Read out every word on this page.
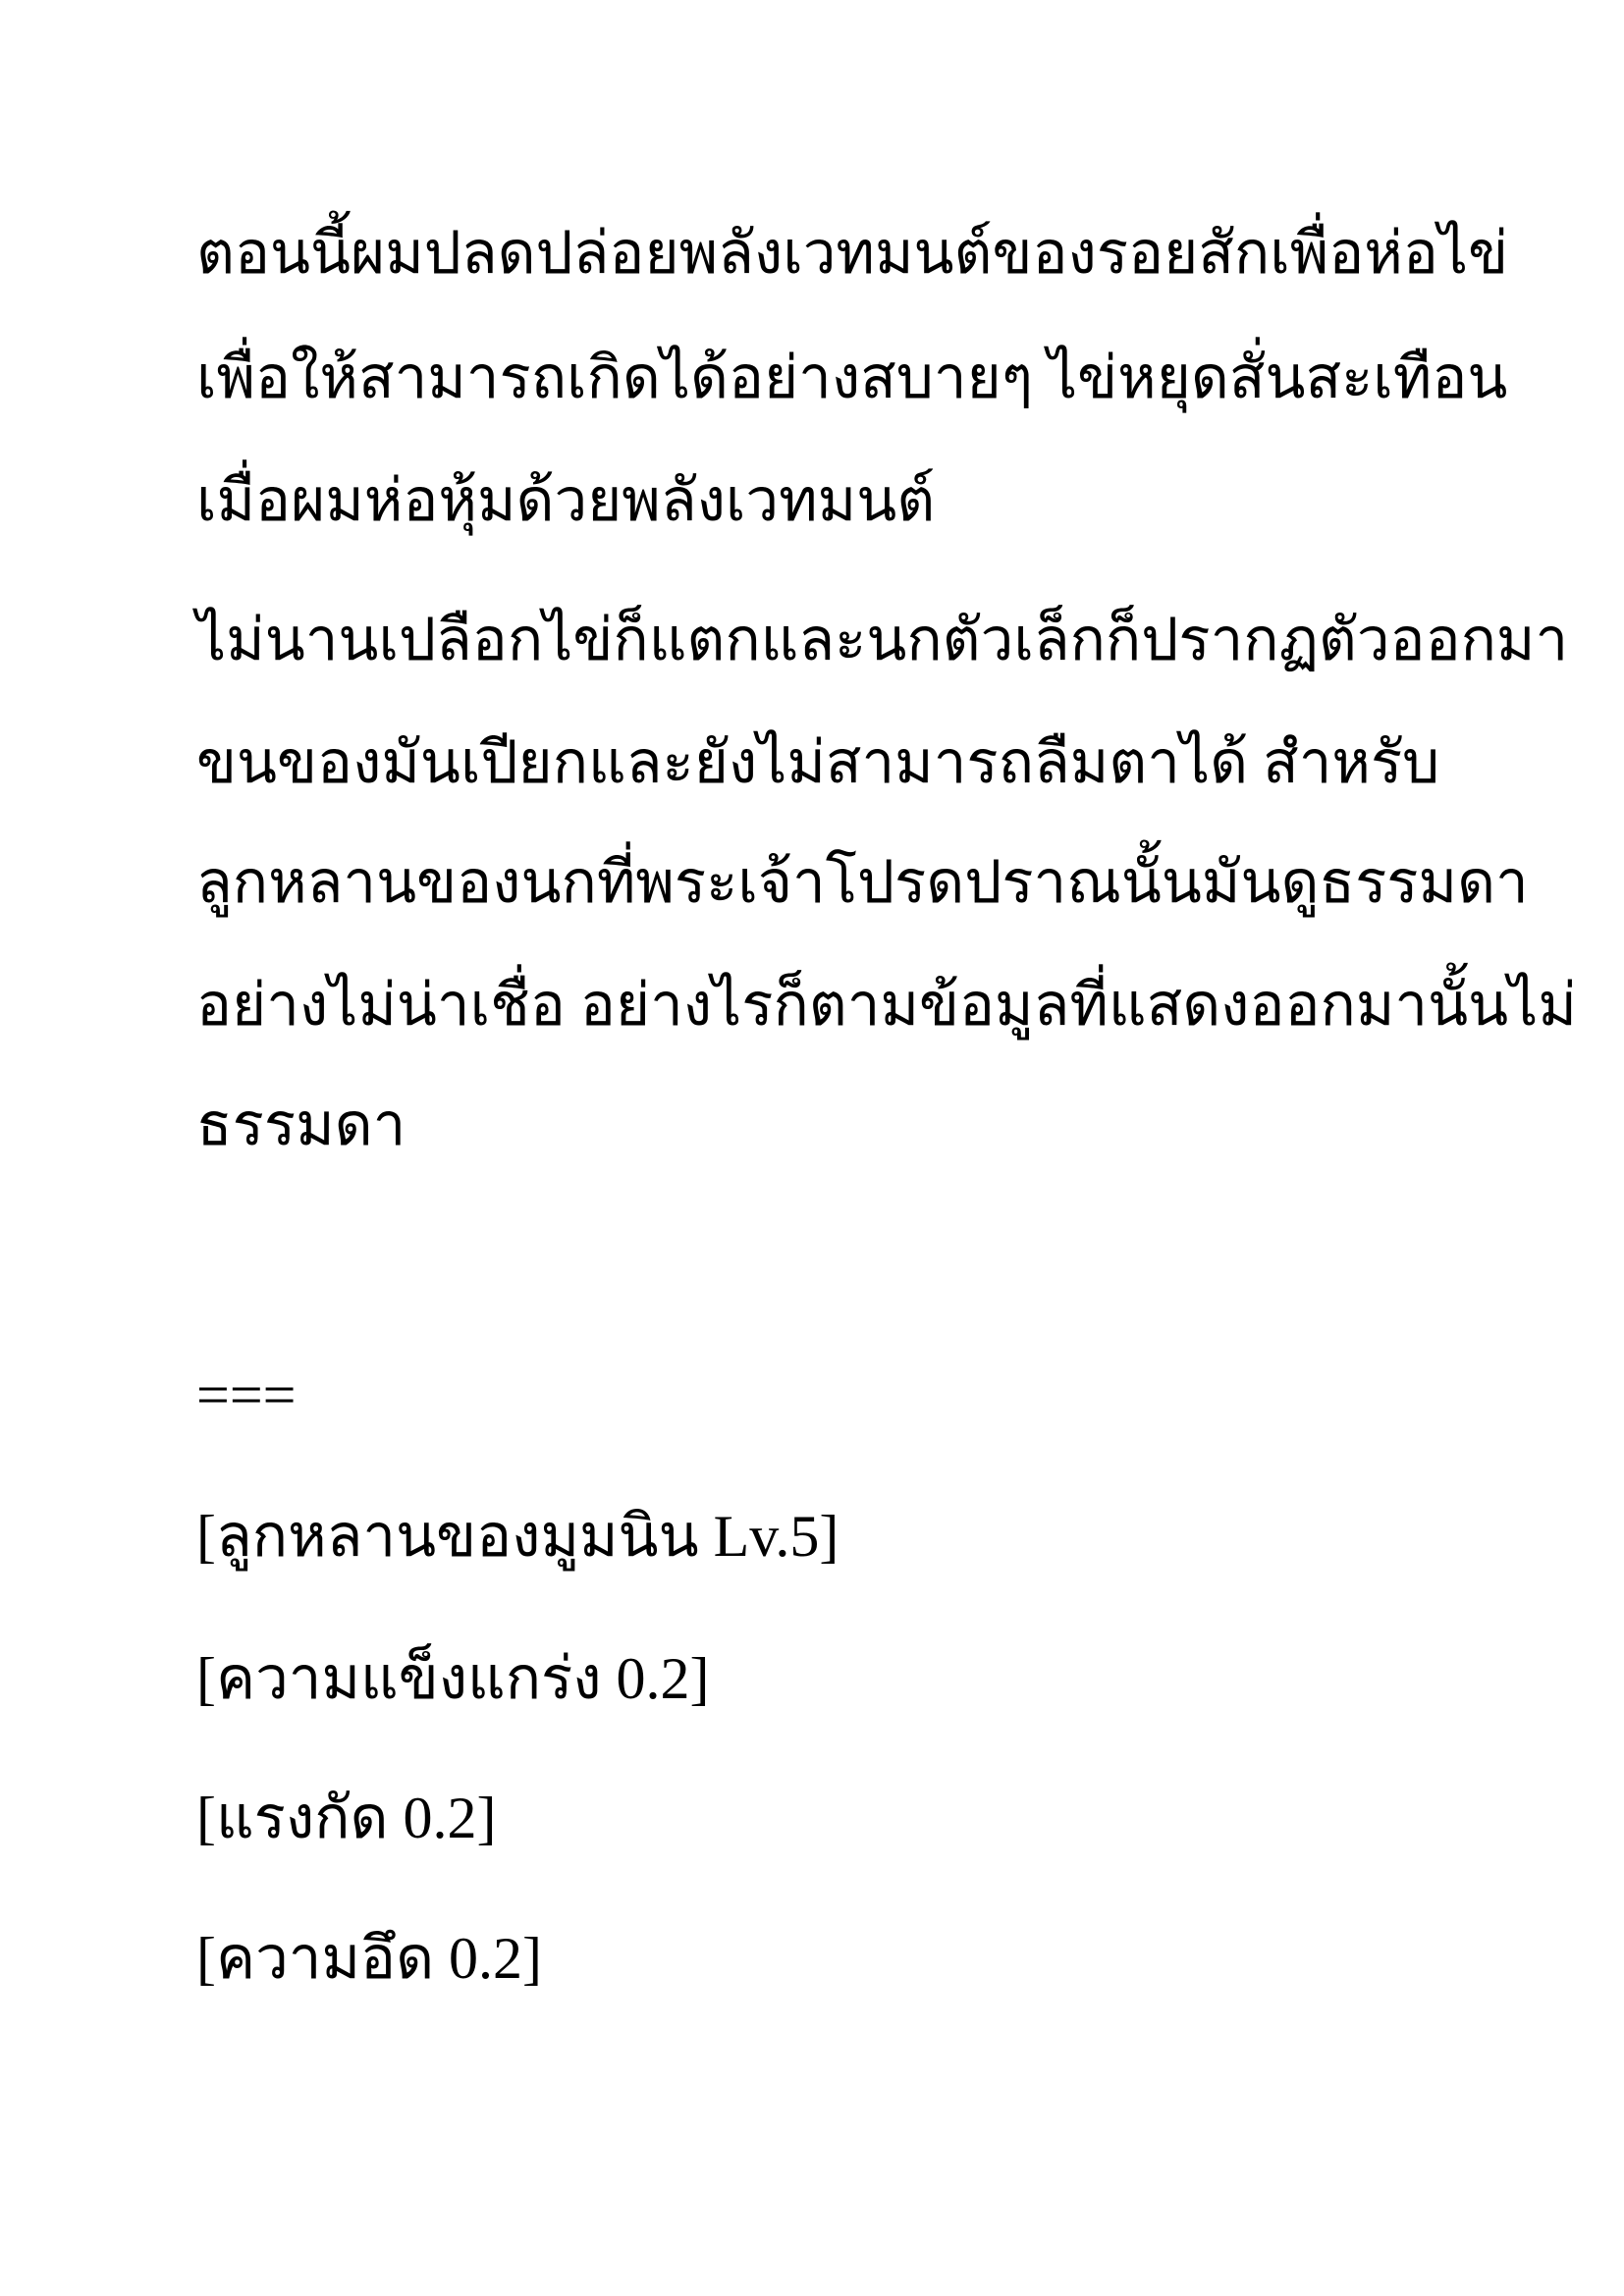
ตอนนี้ผมปลดปล่อยพลังเวทมนต์ของรอยสักเพื่อห่อไข่

เพื่อให้สามารถเกิดได้อย่างสบายๆ ไข่หยุดสั่นสะเทือน

เมื่อผมห่อหุ้มด้วยพลังเวทมนต์

ไม่นานเปลือกไข่ก็แตกและนกตัวเล็กก็ปรากฏตัวออกมา

ขนของมันเปียกและยังไม่สามารถลืมตาได้ สำหรับ

ลูกหลานของนกที่พระเจ้าโปรดปราณนั้นมันดูธรรมดา

อย่างไม่น่าเชื่อ อย่างไรก็ตามข้อมูลที่แสดงออกมานั้นไม่

ธรรมดา

===

[ลูกหลานของมูมนิน Lv.5]

[ความแข็งแกร่ง 0.2]

[แรงกัด 0.2]

[ความอึด 0.2]
